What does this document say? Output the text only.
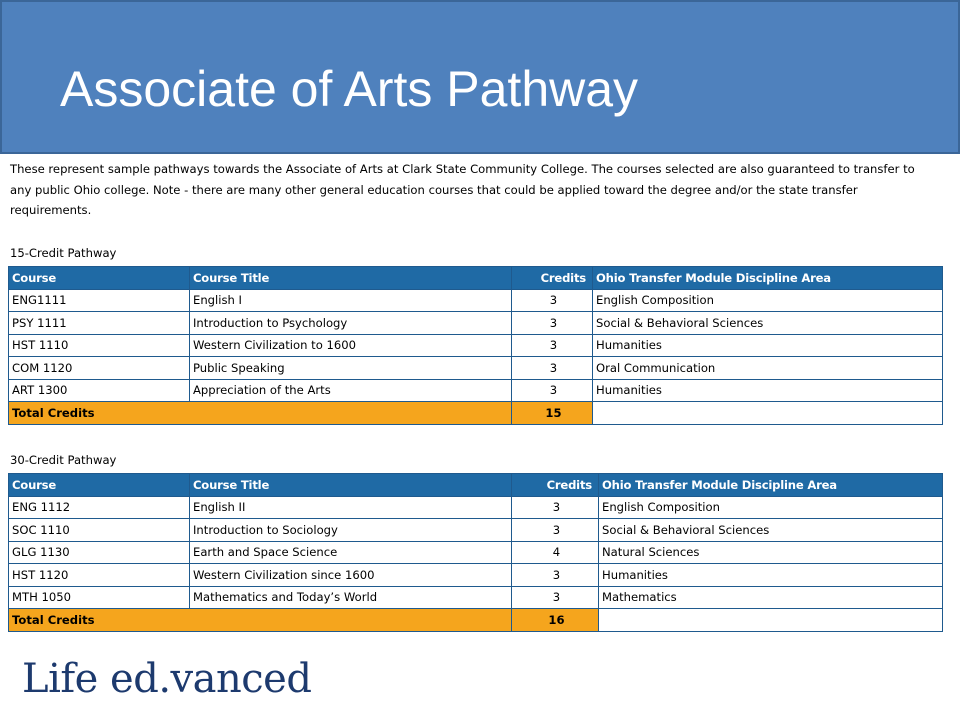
Associate of Arts Pathway
These represent sample pathways towards the Associate of Arts at Clark State Community College. The courses selected are also guaranteed to transfer to any public Ohio college. Note - there are many other general education courses that could be applied toward the degree and/or the state transfer requirements.
15-Credit Pathway
Course	Course Title	Credits	Ohio Transfer Module Discipline Area
ENG1111	English I	3	English Composition
PSY 1111	Introduction to Psychology	3	Social & Behavioral Sciences
HST 1110	Western Civilization to 1600	3	Humanities
COM 1120	Public Speaking	3	Oral Communication
ART 1300	Appreciation of the Arts	3	Humanities
Total Credits		15	
30-Credit Pathway
Course	Course Title	Credits	Ohio Transfer Module Discipline Area
ENG 1112	English II	3	English Composition
SOC 1110	Introduction to Sociology	3	Social & Behavioral Sciences
GLG 1130	Earth and Space Science	4	Natural Sciences
HST 1120	Western Civilization since 1600	3	Humanities
MTH 1050	Mathematics and Today’s World	3	Mathematics
Total Credits		16	
Life ed.vanced
